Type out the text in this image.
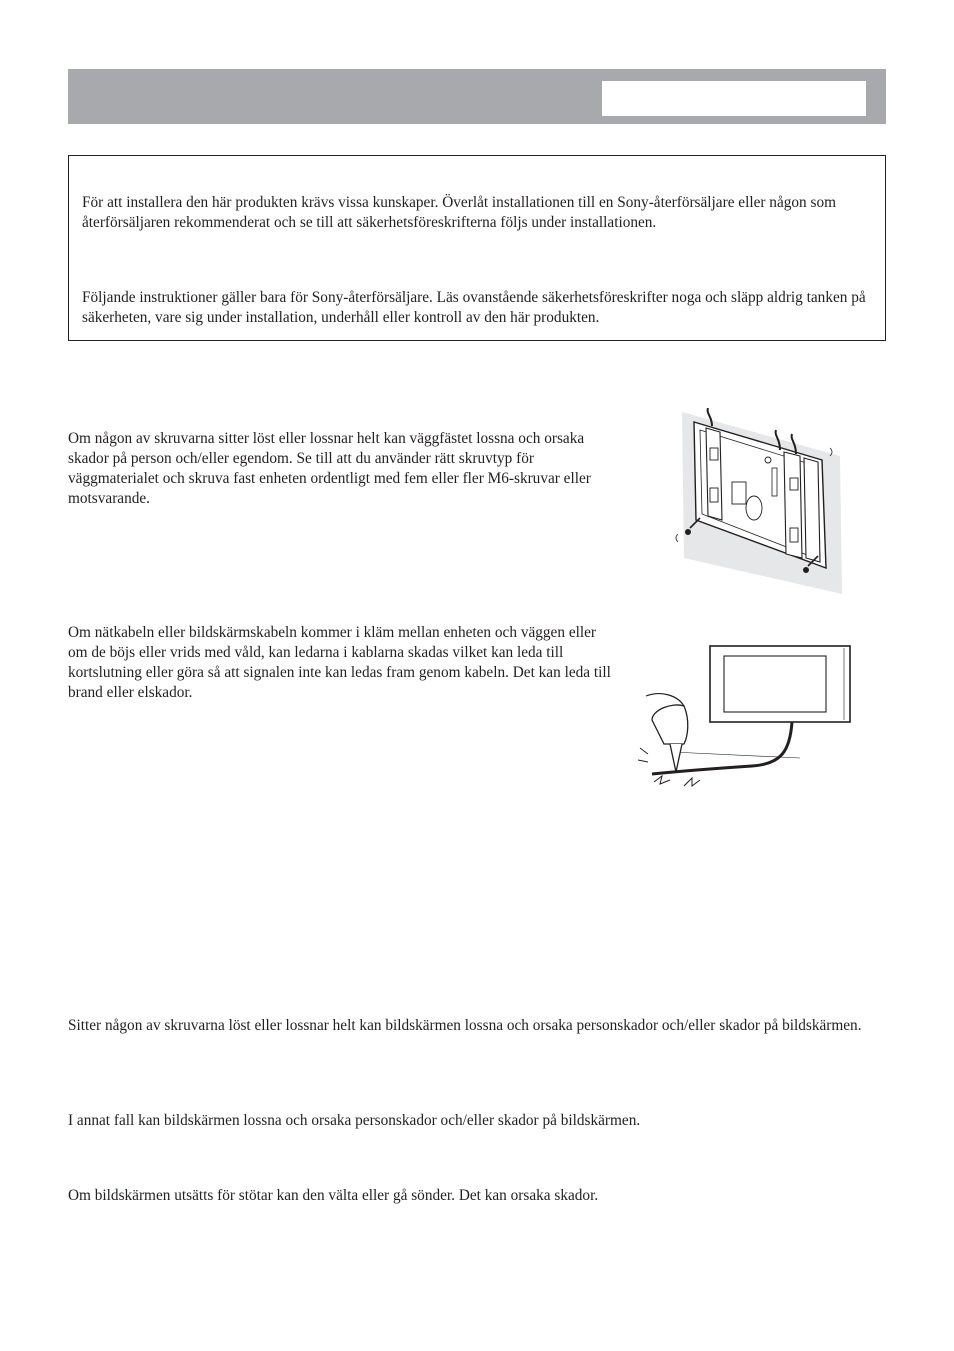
För att installera den här produkten krävs vissa kunskaper. Överlåt installationen till en Sony-återförsäljare eller någon som återförsäljaren rekommenderat och se till att säkerhetsföreskrifterna följs under installationen.

Följande instruktioner gäller bara för Sony-återförsäljare. Läs ovanstående säkerhetsföreskrifter noga och släpp aldrig tanken på säkerheten, vare sig under installation, underhåll eller kontroll av den här produkten.

Om någon av skruvarna sitter löst eller lossnar helt kan väggfästet lossna och orsaka skador på person och/eller egendom. Se till att du använder rätt skruvtyp för väggmaterialet och skruva fast enheten ordentligt med fem eller fler M6-skruvar eller motsvarande.

Om nätkabeln eller bildskärmskabeln kommer i kläm mellan enheten och väggen eller om de böjs eller vrids med våld, kan ledarna i kablarna skadas vilket kan leda till kortslutning eller göra så att signalen inte kan ledas fram genom kabeln. Det kan leda till brand eller elskador.

Sitter någon av skruvarna löst eller lossnar helt kan bildskärmen lossna och orsaka personskador och/eller skador på bildskärmen.

I annat fall kan bildskärmen lossna och orsaka personskador och/eller skador på bildskärmen.

Om bildskärmen utsätts för stötar kan den välta eller gå sönder. Det kan orsaka skador.
